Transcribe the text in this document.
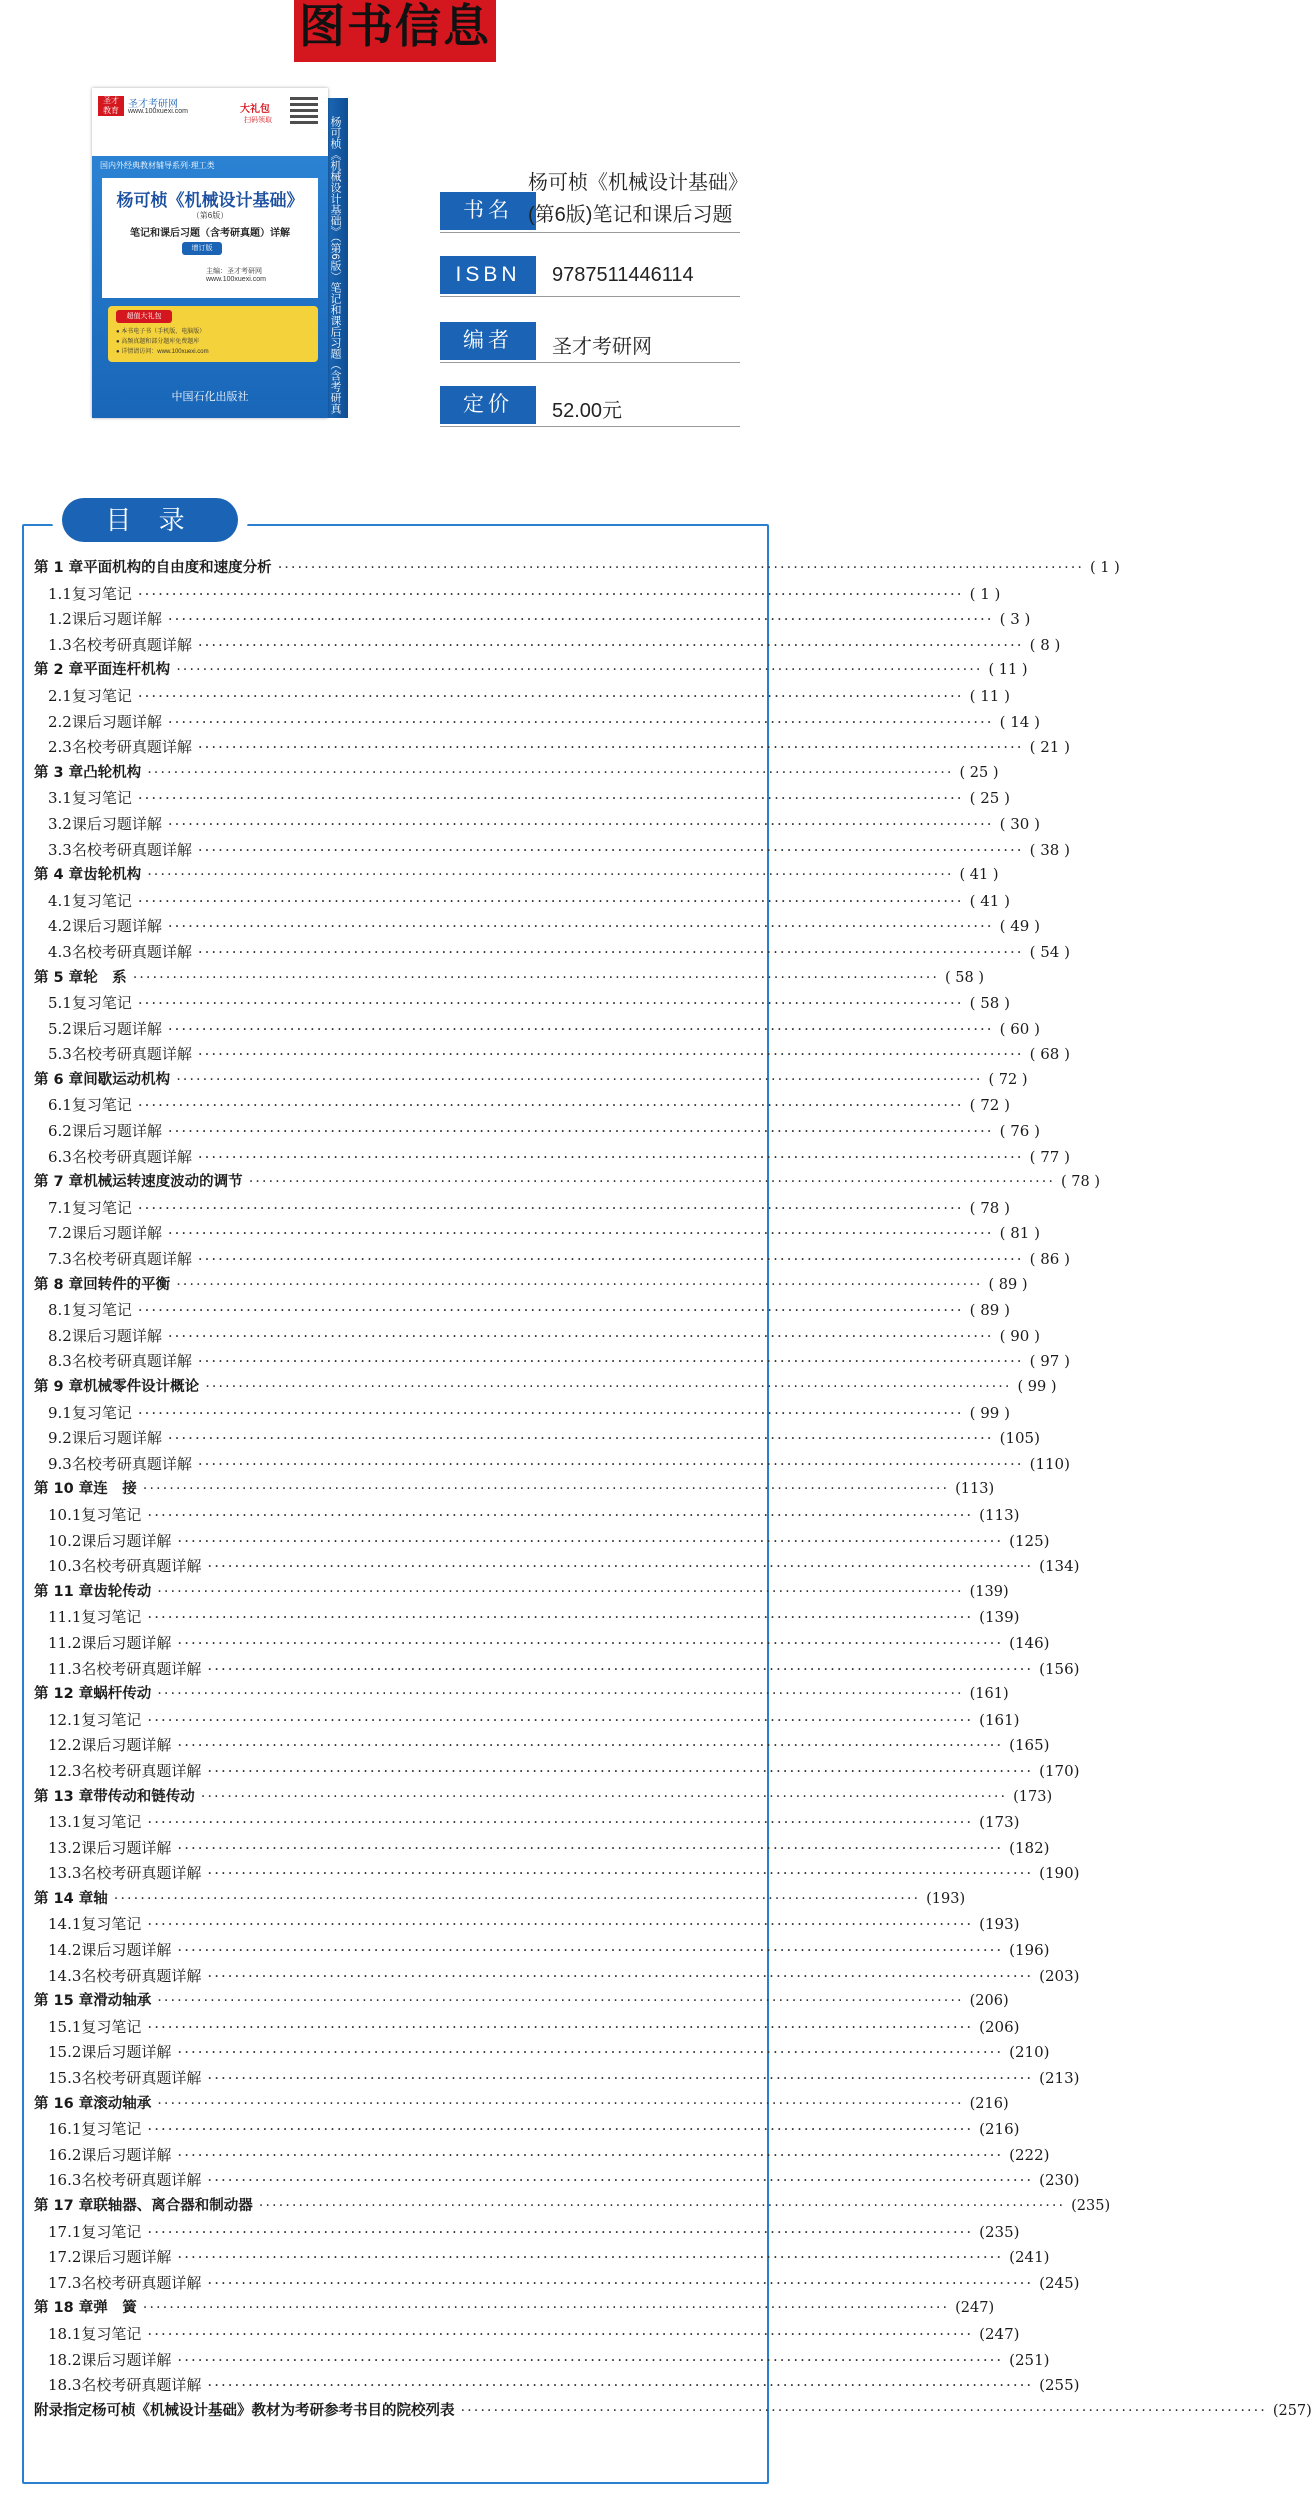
图书信息
杨可桢《机械设计基础》（第6版）笔记和课后习题（含考研真
圣才 教育
圣才考研网
www.100xuexi.com	大礼包
扫码领取
国内外经典教材辅导系列·理工类
杨可桢《机械设计基础》
（第6版）
笔记和课后习题（含考研真题）详解
增订版
主编：圣才考研网
www.100xuexi.com
超值大礼包
● 本书电子书（手机版、电脑版）
● 高频真题和部分题库免费题库
● 详情请访问：www.100xuexi.com
中国石化出版社
书名
杨可桢《机械设计基础》
(第6版)笔记和课后习题
ISBN	9787511446114
编者	圣才考研网
定价	52.00元
目 录
第 1 章 平面机构的自由度和速度分析 ·························································································································· ( 1 )
1.1 复习笔记 ·························································································································· ( 1 )
1.2 课后习题详解 ·························································································································· ( 3 )
1.3 名校考研真题详解 ·························································································································· ( 8 )
第 2 章 平面连杆机构 ·························································································································· ( 11 )
2.1 复习笔记 ·························································································································· ( 11 )
2.2 课后习题详解 ·························································································································· ( 14 )
2.3 名校考研真题详解 ·························································································································· ( 21 )
第 3 章 凸轮机构 ·························································································································· ( 25 )
3.1 复习笔记 ·························································································································· ( 25 )
3.2 课后习题详解 ·························································································································· ( 30 )
3.3 名校考研真题详解 ·························································································································· ( 38 )
第 4 章 齿轮机构 ·························································································································· ( 41 )
4.1 复习笔记 ·························································································································· ( 41 )
4.2 课后习题详解 ·························································································································· ( 49 )
4.3 名校考研真题详解 ·························································································································· ( 54 )
第 5 章 轮　系 ·························································································································· ( 58 )
5.1 复习笔记 ·························································································································· ( 58 )
5.2 课后习题详解 ·························································································································· ( 60 )
5.3 名校考研真题详解 ·························································································································· ( 68 )
第 6 章 间歇运动机构 ·························································································································· ( 72 )
6.1 复习笔记 ·························································································································· ( 72 )
6.2 课后习题详解 ·························································································································· ( 76 )
6.3 名校考研真题详解 ·························································································································· ( 77 )
第 7 章 机械运转速度波动的调节 ·························································································································· ( 78 )
7.1 复习笔记 ·························································································································· ( 78 )
7.2 课后习题详解 ·························································································································· ( 81 )
7.3 名校考研真题详解 ·························································································································· ( 86 )
第 8 章 回转件的平衡 ·························································································································· ( 89 )
8.1 复习笔记 ·························································································································· ( 89 )
8.2 课后习题详解 ·························································································································· ( 90 )
8.3 名校考研真题详解 ·························································································································· ( 97 )
第 9 章 机械零件设计概论 ·························································································································· ( 99 )
9.1 复习笔记 ·························································································································· ( 99 )
9.2 课后习题详解 ·························································································································· (105)
9.3 名校考研真题详解 ·························································································································· (110)
第 10 章 连　接 ·························································································································· (113)
10.1 复习笔记 ·························································································································· (113)
10.2 课后习题详解 ·························································································································· (125)
10.3 名校考研真题详解 ·························································································································· (134)
第 11 章 齿轮传动 ·························································································································· (139)
11.1 复习笔记 ·························································································································· (139)
11.2 课后习题详解 ·························································································································· (146)
11.3 名校考研真题详解 ·························································································································· (156)
第 12 章 蜗杆传动 ·························································································································· (161)
12.1 复习笔记 ·························································································································· (161)
12.2 课后习题详解 ·························································································································· (165)
12.3 名校考研真题详解 ·························································································································· (170)
第 13 章 带传动和链传动 ·························································································································· (173)
13.1 复习笔记 ·························································································································· (173)
13.2 课后习题详解 ·························································································································· (182)
13.3 名校考研真题详解 ·························································································································· (190)
第 14 章 轴 ·························································································································· (193)
14.1 复习笔记 ·························································································································· (193)
14.2 课后习题详解 ·························································································································· (196)
14.3 名校考研真题详解 ·························································································································· (203)
第 15 章 滑动轴承 ·························································································································· (206)
15.1 复习笔记 ·························································································································· (206)
15.2 课后习题详解 ·························································································································· (210)
15.3 名校考研真题详解 ·························································································································· (213)
第 16 章 滚动轴承 ·························································································································· (216)
16.1 复习笔记 ·························································································································· (216)
16.2 课后习题详解 ·························································································································· (222)
16.3 名校考研真题详解 ·························································································································· (230)
第 17 章 联轴器、离合器和制动器 ·························································································································· (235)
17.1 复习笔记 ·························································································································· (235)
17.2 课后习题详解 ·························································································································· (241)
17.3 名校考研真题详解 ·························································································································· (245)
第 18 章 弹　簧 ·························································································································· (247)
18.1 复习笔记 ·························································································································· (247)
18.2 课后习题详解 ·························································································································· (251)
18.3 名校考研真题详解 ·························································································································· (255)
附录 指定杨可桢《机械设计基础》教材为考研参考书目的院校列表 ·························································································································· (257)
